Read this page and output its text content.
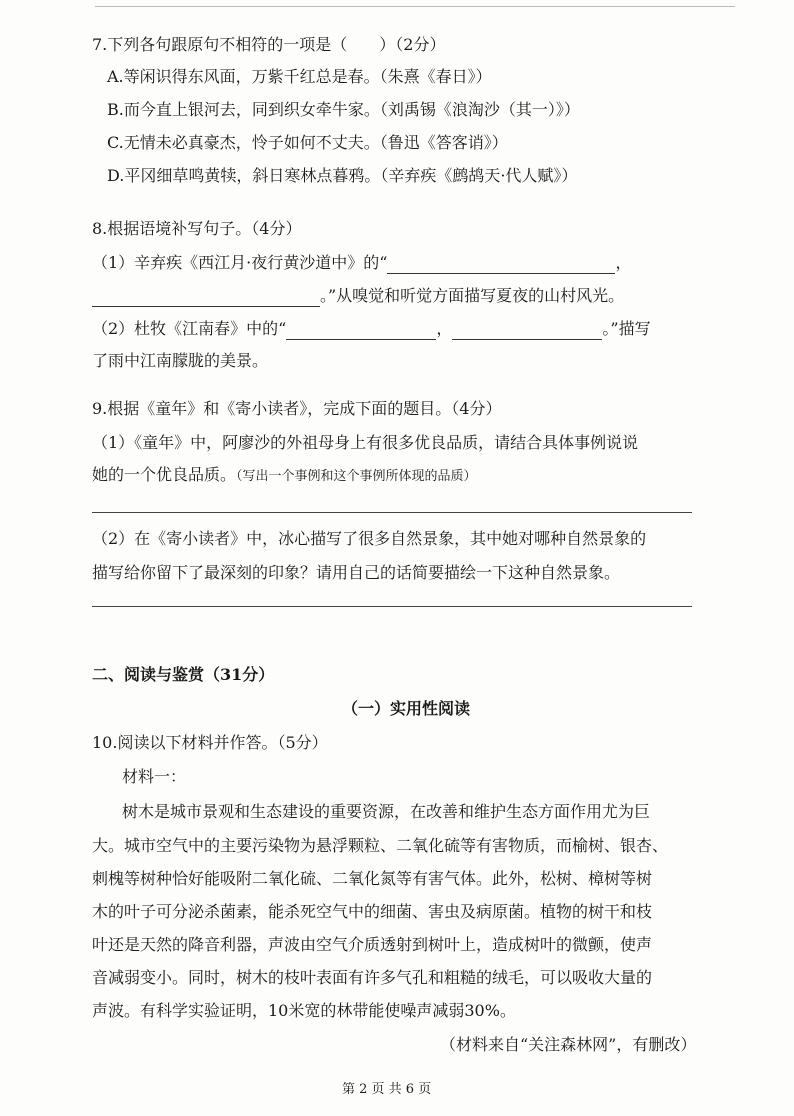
7.下列各句跟原句不相符的一项是（　　）（2分）
A.等闲识得东风面，万紫千红总是春。（朱熹《春日》）
B.而今直上银河去，同到织女牵牛家。（刘禹锡《浪淘沙（其一）》）
C.无情未必真豪杰，怜子如何不丈夫。（鲁迅《答客诮》）
D.平冈细草鸣黄犊，斜日寒林点暮鸦。（辛弃疾《鹧鸪天·代人赋》）
8.根据语境补写句子。（4分）
（1）辛弃疾《西江月·夜行黄沙道中》的“	，
。”从嗅觉和听觉方面描写夏夜的山村风光。
（2）杜牧《江南春》中的“	，	。”描写
了雨中江南朦胧的美景。
9.根据《童年》和《寄小读者》，完成下面的题目。（4分）
（1）《童年》中，阿廖沙的外祖母身上有很多优良品质，请结合具体事例说说
她的一个优良品质。（写出一个事例和这个事例所体现的品质）
（2）在《寄小读者》中，冰心描写了很多自然景象，其中她对哪种自然景象的
描写给你留下了最深刻的印象？请用自己的话简要描绘一下这种自然景象。
二、阅读与鉴赏（31分）
（一）实用性阅读
10.阅读以下材料并作答。（5分）
材料一：
树木是城市景观和生态建设的重要资源，在改善和维护生态方面作用尤为巨
大。城市空气中的主要污染物为悬浮颗粒、二氧化硫等有害物质，而榆树、银杏、
刺槐等树种恰好能吸附二氧化硫、二氧化氮等有害气体。此外，松树、樟树等树
木的叶子可分泌杀菌素，能杀死空气中的细菌、害虫及病原菌。植物的树干和枝
叶还是天然的降音利器，声波由空气介质透射到树叶上，造成树叶的微颤，使声
音减弱变小。同时，树木的枝叶表面有许多气孔和粗糙的绒毛，可以吸收大量的
声波。有科学实验证明，10米宽的林带能使噪声减弱30%。
（材料来自“关注森林网”，有删改）
第 2 页 共 6 页
